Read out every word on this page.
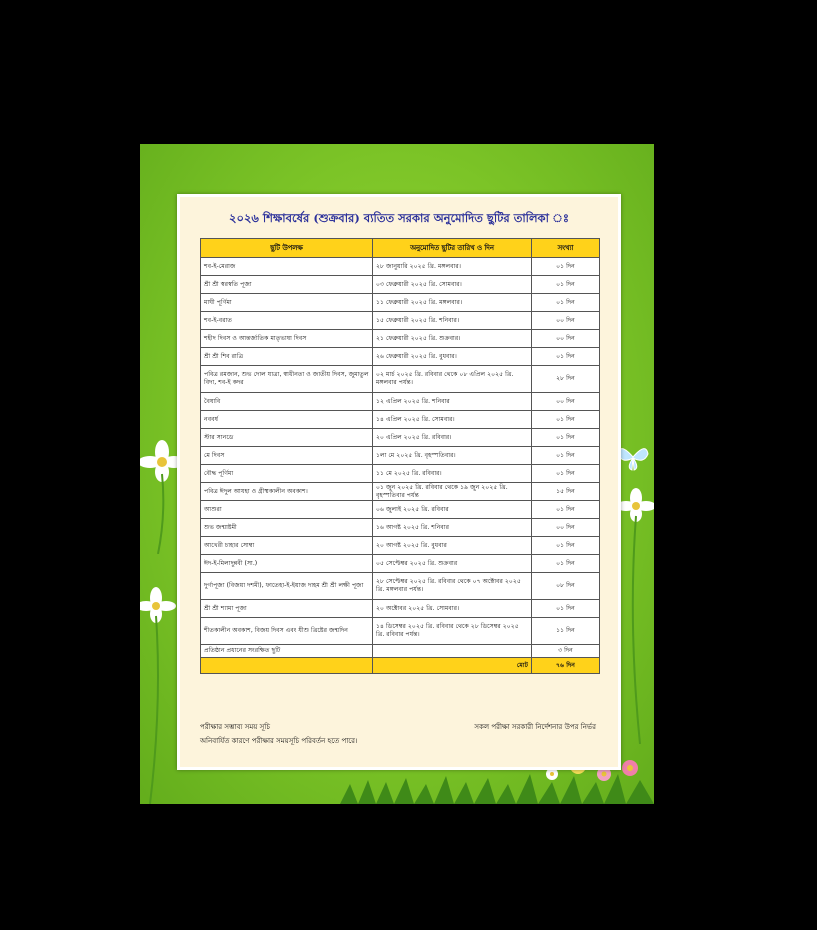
২০২৬ শিক্ষাবর্ষের (শুক্রবার) ব্যতিত সরকার অনুমোদিত ছুটির তালিকা ঃ
ছুটি উপলক্ষ	অনুমোদিত ছুটির তারিখ ও দিন	সংখ্যা
শব-ই-মেরাজ	২৮ জানুয়ারি ২০২৫ খ্রি. মঙ্গলবার।	০১ দিন
শ্রী শ্রী স্বরস্বতি পূজা	০৩ ফেব্রুয়ারী ২০২৫ খ্রি. সোমবার।	০১ দিন
মাঘী পূর্ণিমা	১১ ফেব্রুয়ারী ২০২৫ খ্রি. মঙ্গলবার।	০১ দিন
শব-ই-বরাত	১৫ ফেব্রুয়ারী ২০২৫ খ্রি. শনিবার।	০০ দিন
শহীদ দিবস ও আন্তর্জাতিক মাতৃভাষা দিবস	২১ ফেব্রুয়ারী ২০২৫ খ্রি. শুক্রবার।	০০ দিন
শ্রী শ্রী শিব রাত্রি	২৬ ফেব্রুয়ারী ২০২৫ খ্রি. বুধবার।	০১ দিন
পবিত্র রমজান, শুভ দোল যাত্রা, স্বাধীনতা ও জাতীয় দিবস, জুমাতুল বিদা, শব-ই কদর	০২ মার্চ ২০২৫ খ্রি. রবিবার থেকে ০৮ এপ্রিল ২০২৫ খ্রি. মঙ্গলবার পর্যন্ত।	২৮ দিন
বৈষাবি	১২ এপ্রিল ২০২৫ খ্রি. শনিবার	০০ দিন
নববর্ষ	১৪ এপ্রিল ২০২৫ খ্রি. সোমবার।	০১ দিন
স্টার সানডে	২০ এপ্রিল ২০২৫ খ্রি. রবিবার।	০১ দিন
মে দিবস	১লা মে ২০২৫ খ্রি. বৃহস্পতিবার।	০১ দিন
বৌদ্ধ পূর্ণিমা	১১ মে ২০২৫ খ্রি. রবিবার।	০১ দিন
পবিত্র ঈদুল আযহা ও গ্রীষ্মকালীন অবকাশ।	০১ জুন ২০২৫ খ্রি. রবিবার থেকে ১৯ জুন ২০২৫ খ্রি. বৃহস্পতিবার পর্যন্ত	১৫ দিন
আশুরা	০৬ জুলাই ২০২৫ খ্রি. রবিবার	০১ দিন
শুভ জন্মাষ্টমী	১৬ আগষ্ট ২০২৫ খ্রি. শনিবার	০০ দিন
আখেরী চাহার সোম্বা	২০ আগষ্ট ২০২৫ খ্রি. বুধবার	০১ দিন
ঈদ-ই-মিলাদুন্নবী (সা.)	০৫ সেপ্টেম্বর ২০২৫ খ্রি. শুক্রবার	০১ দিন
দুর্গাপূজা (বিজয়া দশমী), ফাতেহা-ই-ইয়াজ দাহম শ্রী শ্রী লক্ষী পূজা	২৮ সেপ্টেম্বর ২০২৫ খ্রি. রবিবার থেকে ০৭ অক্টোবর ২০২৫ খ্রি. মঙ্গলবার পর্যন্ত।	০৮ দিন
শ্রী শ্রী শ্যামা পূজা	২০ অক্টোবর ২০২৫ খ্রি. সোমবার।	০১ দিন
শীতকালীন অবকাশ, বিজয় দিবস এবং যীশু খ্রিষ্টের জন্মদিন	১৪ ডিসেম্বর ২০২৫ খ্রি. রবিবার থেকে ২৮ ডিসেম্বর ২০২৫ খ্রি. রবিবার পর্যন্ত।	১১ দিন
প্রতিষ্ঠান প্রধানের সংরক্ষিত ছুটি		৩ দিন
	মোট	৭৬ দিন
পরীক্ষার সম্ভাব্য সময় সূচি	সকল পরীক্ষা সরকারী নির্দেশনার উপর নির্ভর
অনিবার্যিত কারণে পরীক্ষার সময়সূচি পরিবর্তন হতে পারে।
